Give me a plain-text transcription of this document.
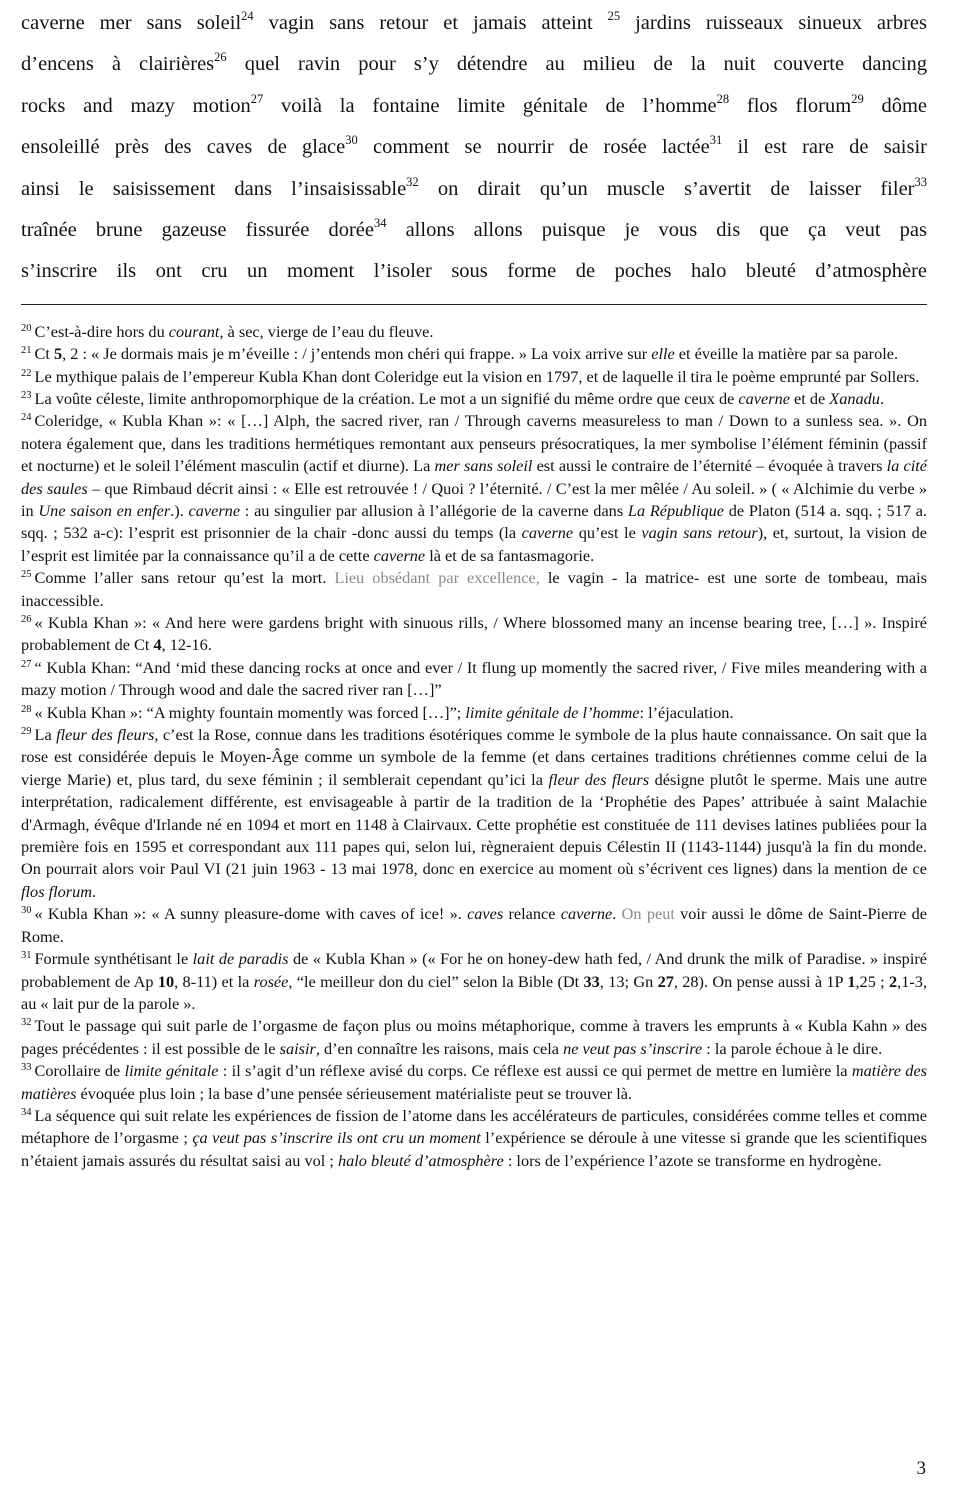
caverne mer sans soleil$^{24}$ vagin sans retour et jamais atteint $^{25}$ jardins ruisseaux sinueux arbres
d’encens à clairières$^{26}$ quel ravin pour s’y détendre au milieu de la nuit couverte dancing
rocks and mazy motion$^{27}$ voilà la fontaine limite génitale de l’homme$^{28}$ flos florum$^{29}$ dôme
ensoleillé près des caves de glace$^{30}$ comment se nourrir de rosée lactée$^{31}$ il est rare de saisir
ainsi le saisissement dans l’insaisissable$^{32}$ on dirait qu’un muscle s’avertit de laisser filer$^{33}$
traînée brune gazeuse fissurée dorée$^{34}$ allons allons puisque je vous dis que ça veut pas
s’inscrire ils ont cru un moment l’isoler sous forme de poches halo bleuté d’atmosphère

$^{20}$ C’est-à-dire hors du courant, à sec, vierge de l’eau du fleuve.

$^{21}$ Ct 5, 2 : « Je dormais mais je m’éveille : / j’entends mon chéri qui frappe. » La voix arrive sur elle et éveille la matière par sa parole.

$^{22}$ Le mythique palais de l’empereur Kubla Khan dont Coleridge eut la vision en 1797, et de laquelle il tira le poème emprunté par Sollers.

$^{23}$ La voûte céleste, limite anthropomorphique de la création. Le mot a un signifié du même ordre que ceux de caverne et de Xanadu.

$^{24}$ Coleridge, « Kubla Khan »: « […] Alph, the sacred river, ran / Through caverns measureless to man / Down to a sunless sea. ». On notera également que, dans les traditions hermétiques remontant aux penseurs présocratiques, la mer symbolise l’élément féminin (passif et nocturne) et le soleil l’élément masculin (actif et diurne). La mer sans soleil est aussi le contraire de l’éternité – évoquée à travers la cité des saules – que Rimbaud décrit ainsi : « Elle est retrouvée ! / Quoi ? l’éternité. / C’est la mer mêlée / Au soleil. » ( « Alchimie du verbe » in Une saison en enfer.). caverne : au singulier par allusion à l’allégorie de la caverne dans La République de Platon (514 a. sqq. ; 517 a. sqq. ; 532 a-c): l’esprit est prisonnier de la chair -donc aussi du temps (la caverne qu’est le vagin sans retour), et, surtout, la vision de l’esprit est limitée par la connaissance qu’il a de cette caverne là et de sa fantasmagorie.

$^{25}$ Comme l’aller sans retour qu’est la mort. Lieu obsédant par excellence, le vagin - la matrice- est une sorte de tombeau, mais inaccessible.

$^{26}$ « Kubla Khan »: « And here were gardens bright with sinuous rills, / Where blossomed many an incense bearing tree, […] ». Inspiré probablement de Ct 4, 12-16.

$^{27}$ “ Kubla Khan: “And ‘mid these dancing rocks at once and ever / It flung up momently the sacred river, / Five miles meandering with a mazy motion / Through wood and dale the sacred river ran […]”

$^{28}$ « Kubla Khan »: “A mighty fountain momently was forced […]”; limite génitale de l’homme: l’éjaculation.

$^{29}$ La fleur des fleurs, c’est la Rose, connue dans les traditions ésotériques comme le symbole de la plus haute connaissance. On sait que la rose est considérée depuis le Moyen-Âge comme un symbole de la femme (et dans certaines traditions chrétiennes comme celui de la vierge Marie) et, plus tard, du sexe féminin ; il semblerait cependant qu’ici la fleur des fleurs désigne plutôt le sperme. Mais une autre interprétation, radicalement différente, est envisageable à partir de la tradition de la ‘Prophétie des Papes’ attribuée à saint Malachie d'Armagh, évêque d'Irlande né en 1094 et mort en 1148 à Clairvaux. Cette prophétie est constituée de 111 devises latines publiées pour la première fois en 1595 et correspondant aux 111 papes qui, selon lui, règneraient depuis Célestin II (1143-1144) jusqu'à la fin du monde. On pourrait alors voir Paul VI (21 juin 1963 - 13 mai 1978, donc en exercice au moment où s’écrivent ces lignes) dans la mention de ce flos florum.

$^{30}$ « Kubla Khan »: « A sunny pleasure-dome with caves of ice! ». caves relance caverne. On peut voir aussi le dôme de Saint-Pierre de Rome.

$^{31}$ Formule synthétisant le lait de paradis de « Kubla Khan » (« For he on honey-dew hath fed, / And drunk the milk of Paradise. » inspiré probablement de Ap 10, 8-11) et la rosée, “le meilleur don du ciel” selon la Bible (Dt 33, 13; Gn 27, 28). On pense aussi à 1P 1,25 ; 2,1-3, au « lait pur de la parole ».

$^{32}$ Tout le passage qui suit parle de l’orgasme de façon plus ou moins métaphorique, comme à travers les emprunts à « Kubla Kahn » des pages précédentes : il est possible de le saisir, d’en connaître les raisons, mais cela ne veut pas s’inscrire : la parole échoue à le dire.

$^{33}$ Corollaire de limite génitale : il s’agit d’un réflexe avisé du corps. Ce réflexe est aussi ce qui permet de mettre en lumière la matière des matières évoquée plus loin ; la base d’une pensée sérieusement matérialiste peut se trouver là.

$^{34}$ La séquence qui suit relate les expériences de fission de l’atome dans les accélérateurs de particules, considérées comme telles et comme métaphore de l’orgasme ; ça veut pas s’inscrire ils ont cru un moment l’expérience se déroule à une vitesse si grande que les scientifiques n’étaient jamais assurés du résultat saisi au vol ; halo bleuté d’atmosphère : lors de l’expérience l’azote se transforme en hydrogène.

3
